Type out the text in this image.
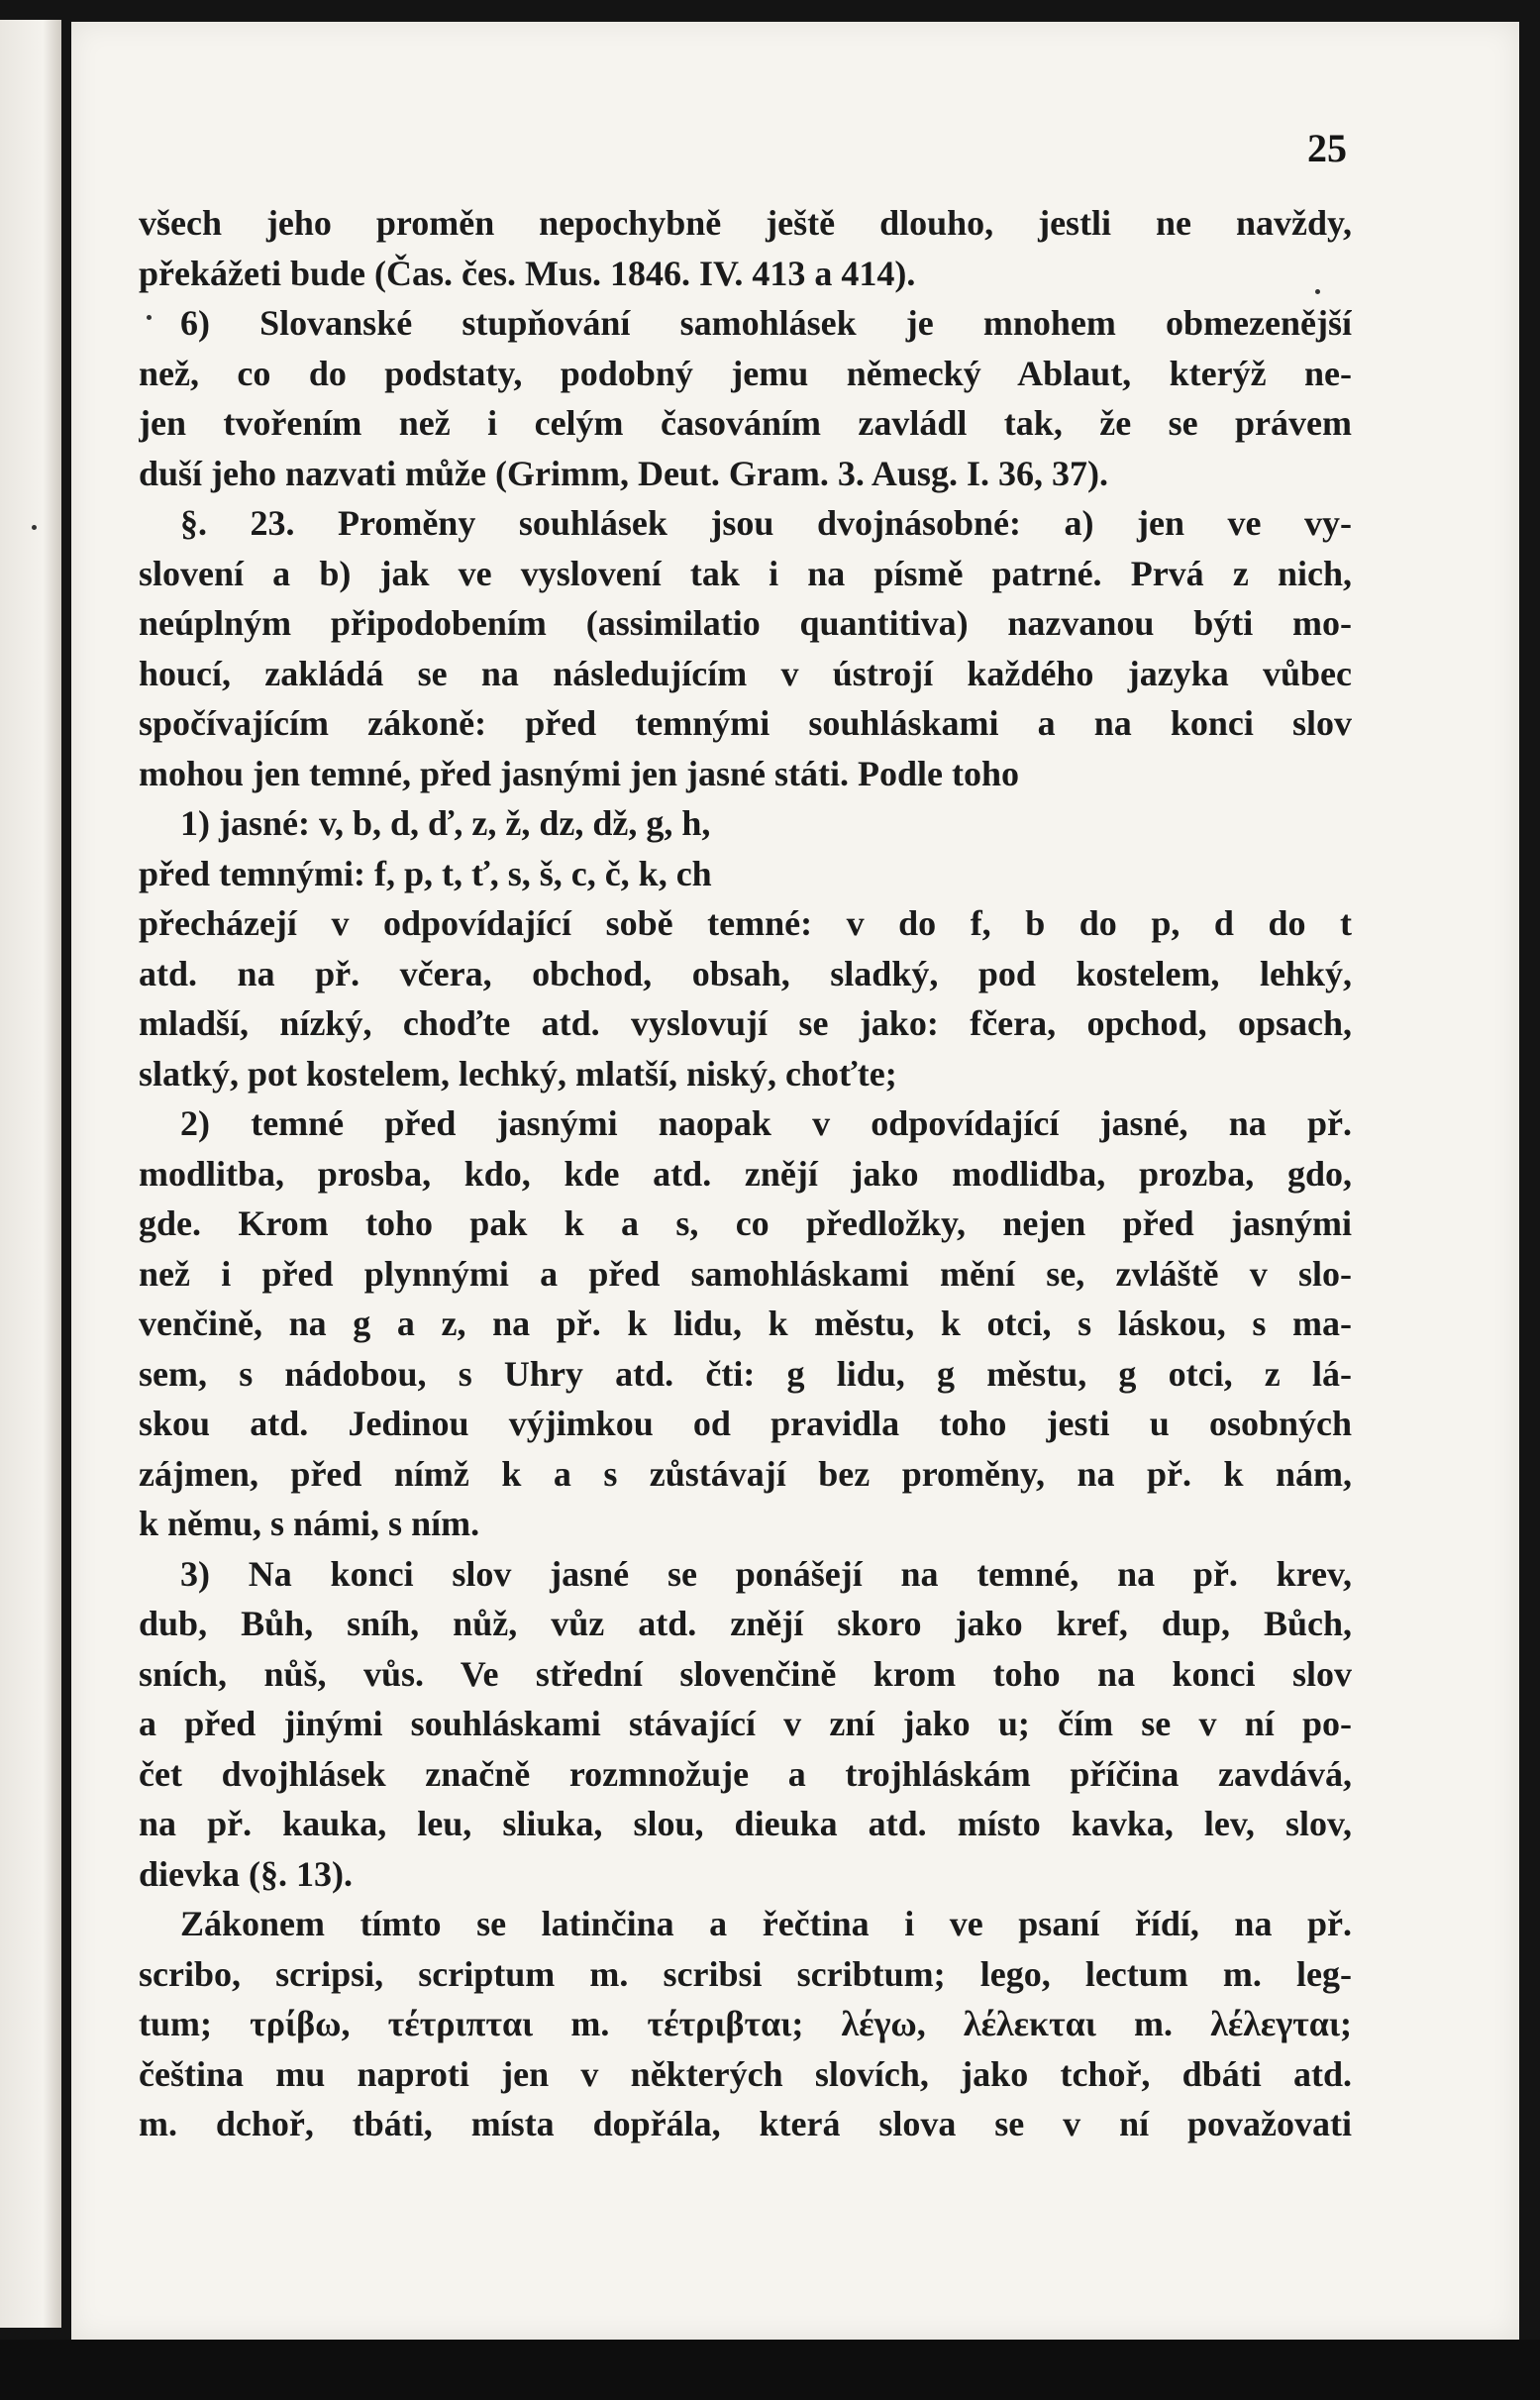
25
všech jeho proměn nepochybně ještě dlouho, jestli ne navždy,
překážeti bude (Čas. čes. Mus. 1846. IV. 413 a 414).
6) Slovanské stupňování samohlásek je mnohem obmezenější
než, co do podstaty, podobný jemu německý Ablaut, kterýž ne-
jen tvořením než i celým časováním zavládl tak, že se právem
duší jeho nazvati může (Grimm, Deut. Gram. 3. Ausg. I. 36, 37).
§. 23. Proměny souhlásek jsou dvojnásobné: a) jen ve vy-
slovení a b) jak ve vyslovení tak i na písmě patrné. Prvá z nich,
neúplným připodobením (assimilatio quantitiva) nazvanou býti mo-
houcí, zakládá se na následujícím v ústrojí každého jazyka vůbec
spočívajícím zákoně: před temnými souhláskami a na konci slov
mohou jen temné, před jasnými jen jasné státi. Podle toho
1) jasné: v, b, d, ď, z, ž, dz, dž, g, h,
před temnými: f, p, t, ť, s, š, c, č, k, ch
přecházejí v odpovídající sobě temné: v do f, b do p, d do t
atd. na př. včera, obchod, obsah, sladký, pod kostelem, lehký,
mladší, nízký, choďte atd. vyslovují se jako: fčera, opchod, opsach,
slatký, pot kostelem, lechký, mlatší, niský, choťte;
2) temné před jasnými naopak v odpovídající jasné, na př.
modlitba, prosba, kdo, kde atd. znějí jako modlidba, prozba, gdo,
gde. Krom toho pak k a s, co předložky, nejen před jasnými
než i před plynnými a před samohláskami mění se, zvláště v slo-
venčině, na g a z, na př. k lidu, k městu, k otci, s láskou, s ma-
sem, s nádobou, s Uhry atd. čti: g lidu, g městu, g otci, z lá-
skou atd. Jedinou výjimkou od pravidla toho jesti u osobných
zájmen, před nímž k a s zůstávají bez proměny, na př. k nám,
k němu, s námi, s ním.
3) Na konci slov jasné se ponášejí na temné, na př. krev,
dub, Bůh, sníh, nůž, vůz atd. znějí skoro jako kref, dup, Bůch,
sních, nůš, vůs. Ve střední slovenčině krom toho na konci slov
a před jinými souhláskami stávající v zní jako u; čím se v ní po-
čet dvojhlásek značně rozmnožuje a trojhláskám příčina zavdává,
na př. kauka, leu, sliuka, slou, dieuka atd. místo kavka, lev, slov,
dievka (§. 13).
Zákonem tímto se latinčina a řečtina i ve psaní řídí, na př.
scribo, scripsi, scriptum m. scribsi scribtum; lego, lectum m. leg-
tum; τρίβω, τέτριπται m. τέτριβται; λέγω, λέλεκται m. λέλεγται;
čeština mu naproti jen v některých slovích, jako tchoř, dbáti atd.
m. dchoř, tbáti, místa dopřála, která slova se v ní považovati
